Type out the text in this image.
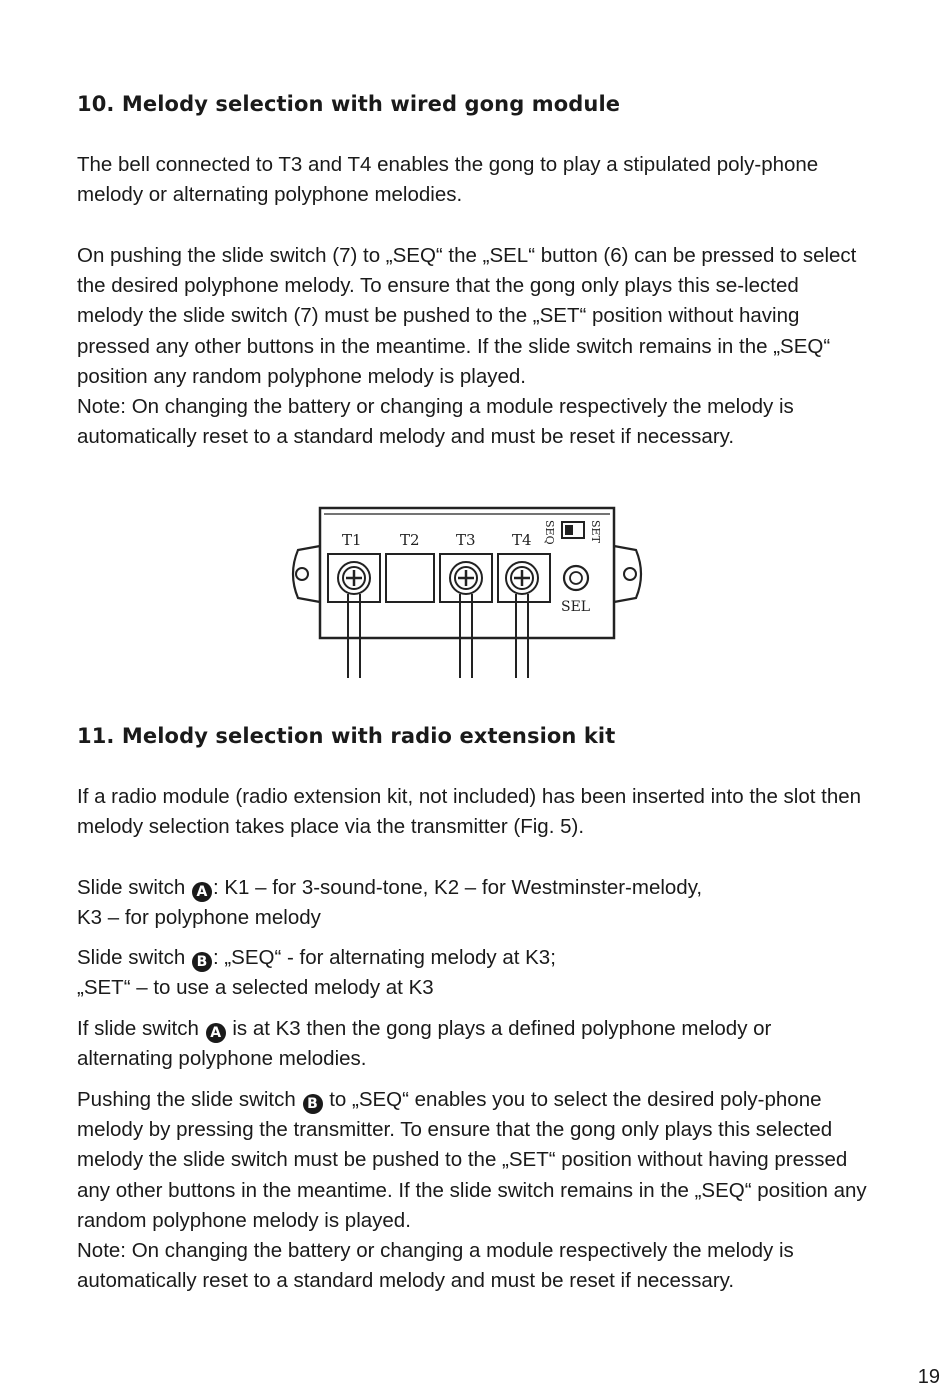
10. Melody selection with wired gong module

The bell connected to T3 and T4 enables the gong to play a stipulated poly-phone melody or alternating polyphone melodies.

On pushing the slide switch (7) to „SEQ“ the „SEL“ button (6) can be pressed to select the desired polyphone melody. To ensure that the gong only plays this se-lected melody the slide switch (7) must be pushed to the „SET“ position without having pressed any other buttons in the meantime. If the slide switch remains in the „SEQ“ position any random polyphone melody is played.

Note: On changing the battery or changing a module respectively the melody is automatically reset to a standard melody and must be reset if necessary.

T1	T2 T3 T4 SEQ	SET
SEL
11. Melody selection with radio extension kit

If a radio module (radio extension kit, not included) has been inserted into the slot then melody selection takes place via the transmitter (Fig. 5).

Slide switch A : K1 – for 3-sound-tone, K2 – for Westminster-melody,
K3 – for polyphone melody

Slide switch B : „SEQ“ - for alternating melody at K3;
„SET“ – to use a selected melody at K3

If slide switch A is at K3 then the gong plays a defined polyphone melody or alternating polyphone melodies.

Pushing the slide switch B to „SEQ“ enables you to select the desired poly-phone melody by pressing the transmitter. To ensure that the gong only plays this selected melody the slide switch must be pushed to the „SET“ position without having pressed any other buttons in the meantime. If the slide switch remains in the „SEQ“ position any random polyphone melody is played.

Note: On changing the battery or changing a module respectively the melody is automatically reset to a standard melody and must be reset if necessary.

19
